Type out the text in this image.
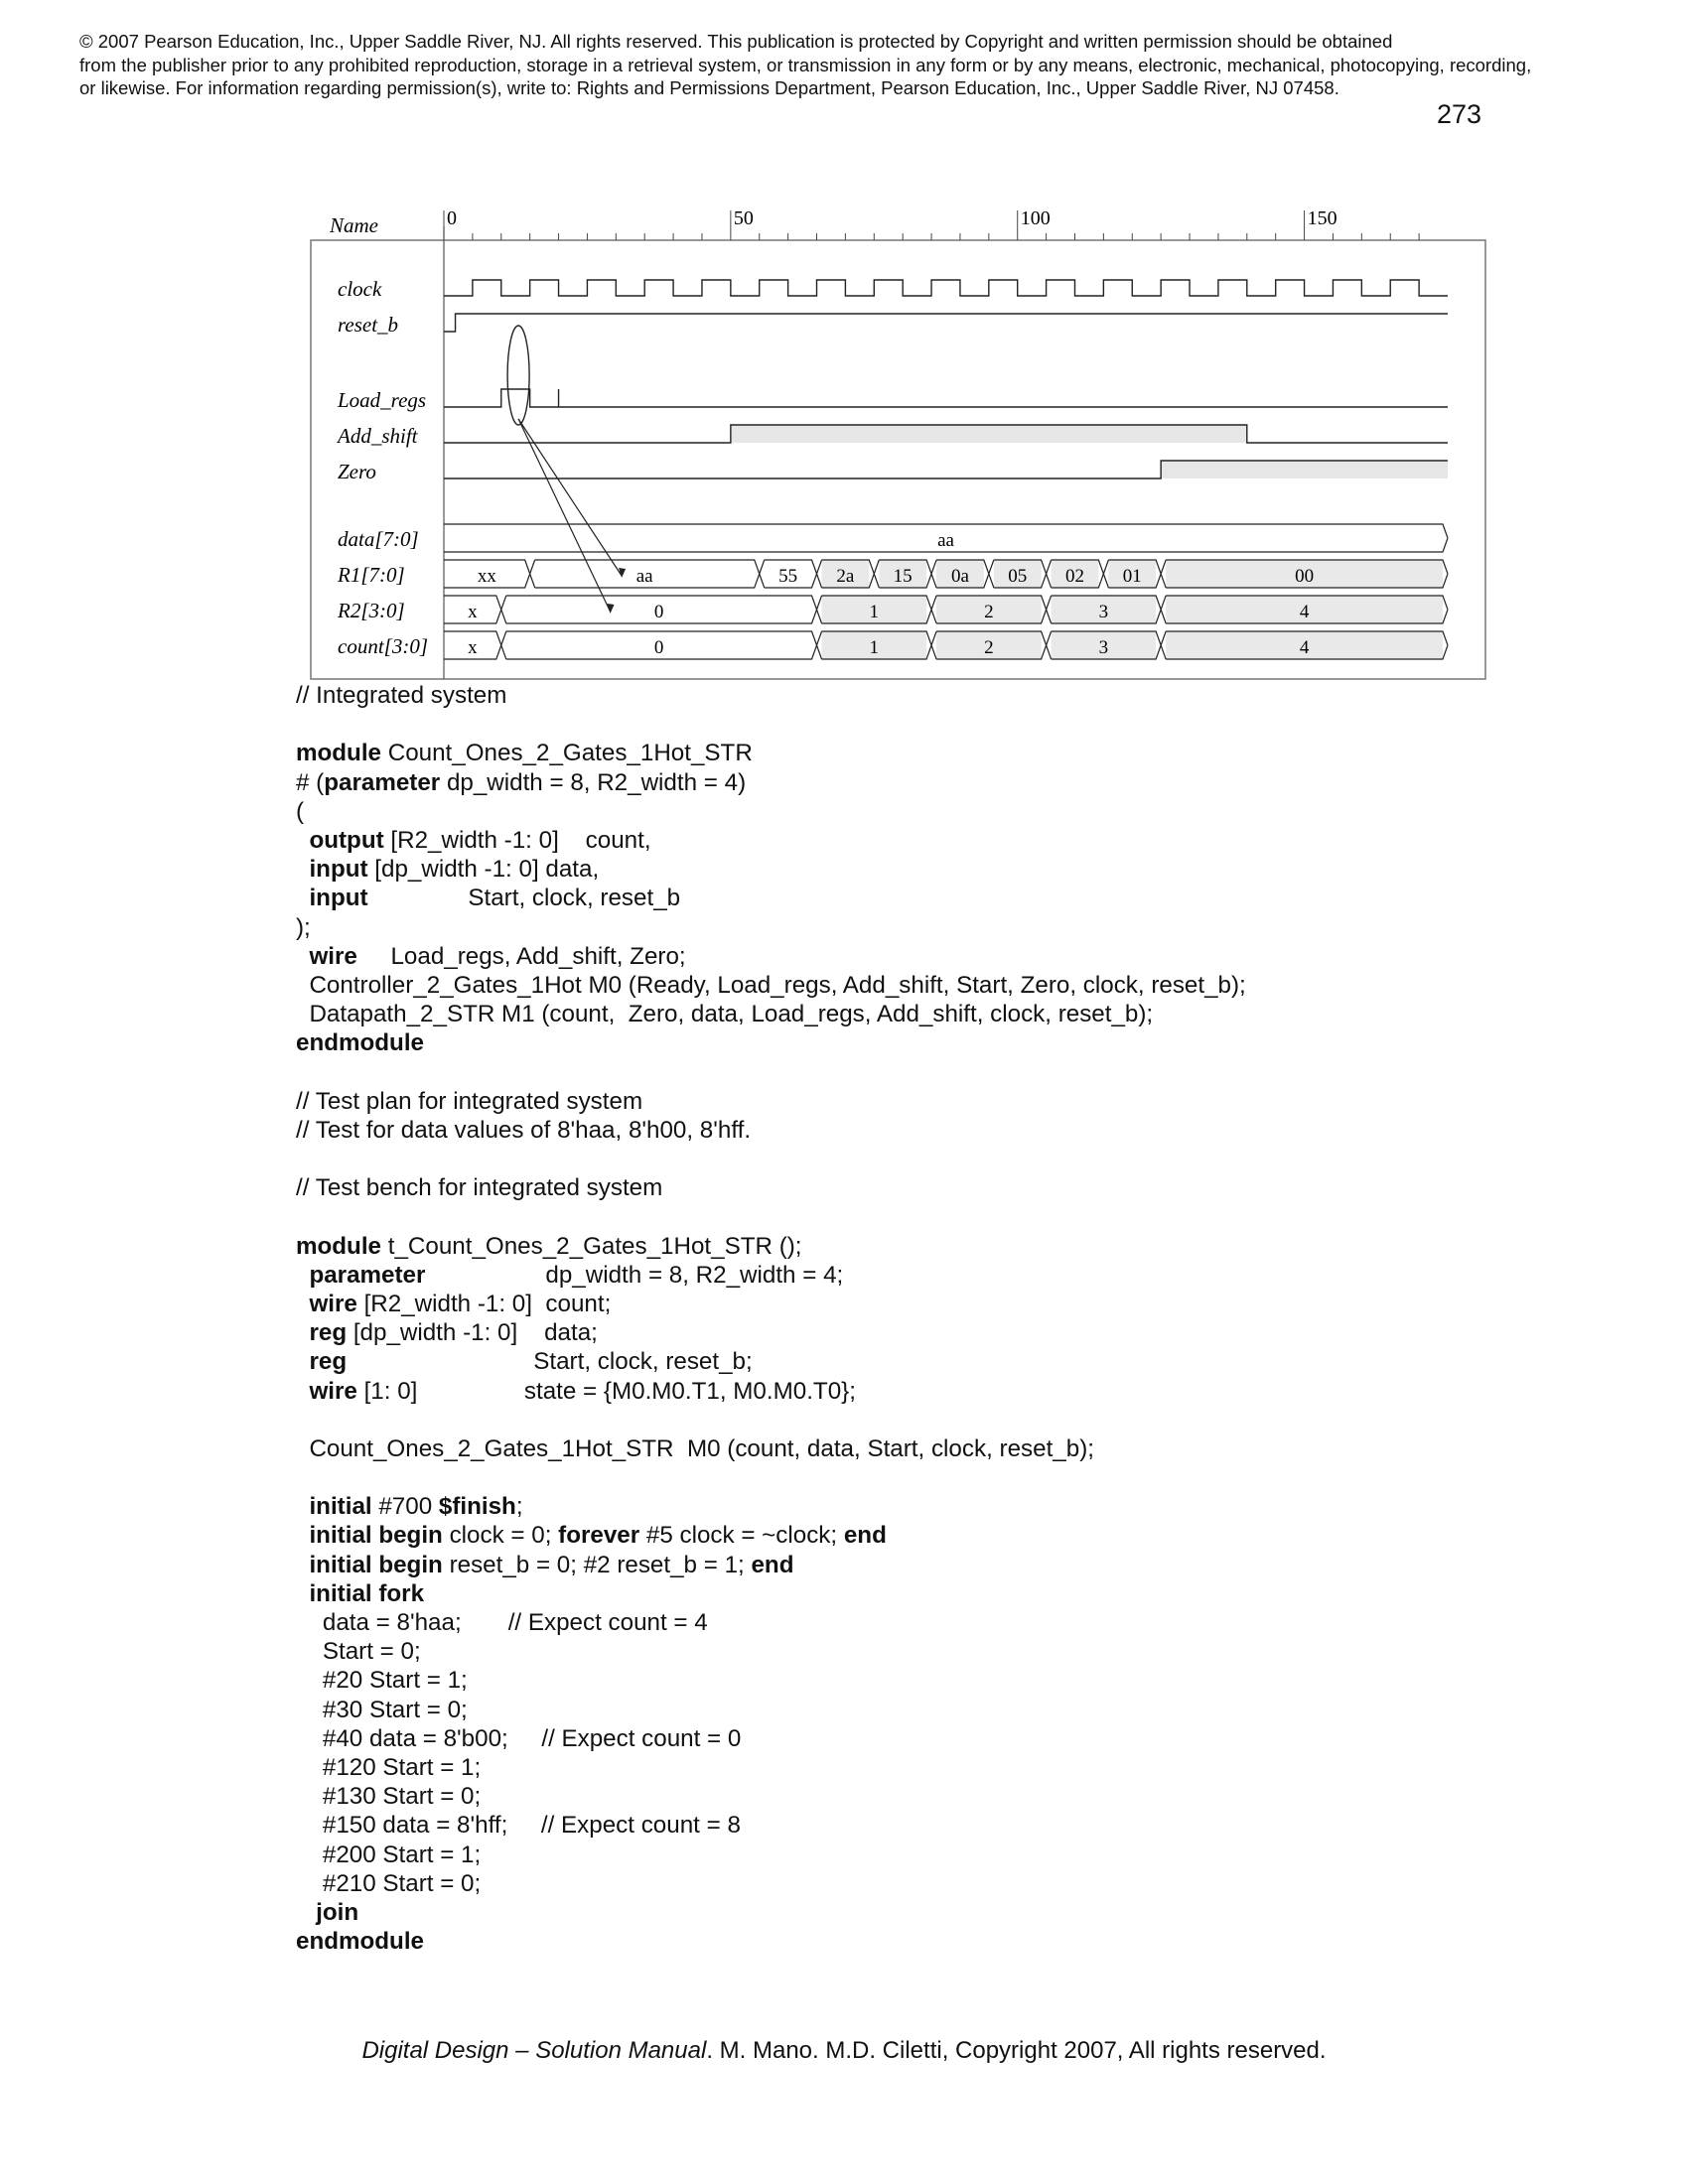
© 2007 Pearson Education, Inc., Upper Saddle River, NJ. All rights reserved. This publication is protected by Copyright and written permission should be obtained
from the publisher prior to any prohibited reproduction, storage in a retrieval system, or transmission in any form or by any means, electronic, mechanical, photocopying, recording,
or likewise. For information regarding permission(s), write to: Rights and Permissions Department, Pearson Education, Inc., Upper Saddle River, NJ 07458.
273
Name	0	50	100	150
clock
reset_b
Load_regs
Add_shift
Zero
data[7:0]	aa
R1[7:0]	xx	aa	55 2a 15 0a 05 02 01	00
R2[3:0]	x	0	1	2	3	4
count[3:0] x	0	1	2	3	4
// Integrated system
module Count_Ones_2_Gates_1Hot_STR
# (parameter dp_width = 8, R2_width = 4)
(
output [R2_width -1: 0]    count,
input [dp_width -1: 0] data,
input               Start, clock, reset_b
);
wire     Load_regs, Add_shift, Zero;
Controller_2_Gates_1Hot M0 (Ready, Load_regs, Add_shift, Start, Zero, clock, reset_b);
Datapath_2_STR M1 (count,  Zero, data, Load_regs, Add_shift, clock, reset_b);
endmodule
// Test plan for integrated system
// Test for data values of 8'haa, 8'h00, 8'hff.
// Test bench for integrated system
module t_Count_Ones_2_Gates_1Hot_STR ();
parameter                  dp_width = 8, R2_width = 4;
wire [R2_width -1: 0]  count;
reg [dp_width -1: 0]    data;
reg                            Start, clock, reset_b;
wire [1: 0]                state = {M0.M0.T1, M0.M0.T0};
Count_Ones_2_Gates_1Hot_STR  M0 (count, data, Start, clock, reset_b);
initial #700 $finish;
initial begin clock = 0; forever #5 clock = ~clock; end
initial begin reset_b = 0; #2 reset_b = 1; end
initial fork
data = 8'haa;       // Expect count = 4
Start = 0;
#20 Start = 1;
#30 Start = 0;
#40 data = 8'b00;     // Expect count = 0
#120 Start = 1;
#130 Start = 0;
#150 data = 8'hff;     // Expect count = 8
#200 Start = 1;
#210 Start = 0;
join
endmodule
Digital Design – Solution Manual. M. Mano. M.D. Ciletti, Copyright 2007, All rights reserved.
